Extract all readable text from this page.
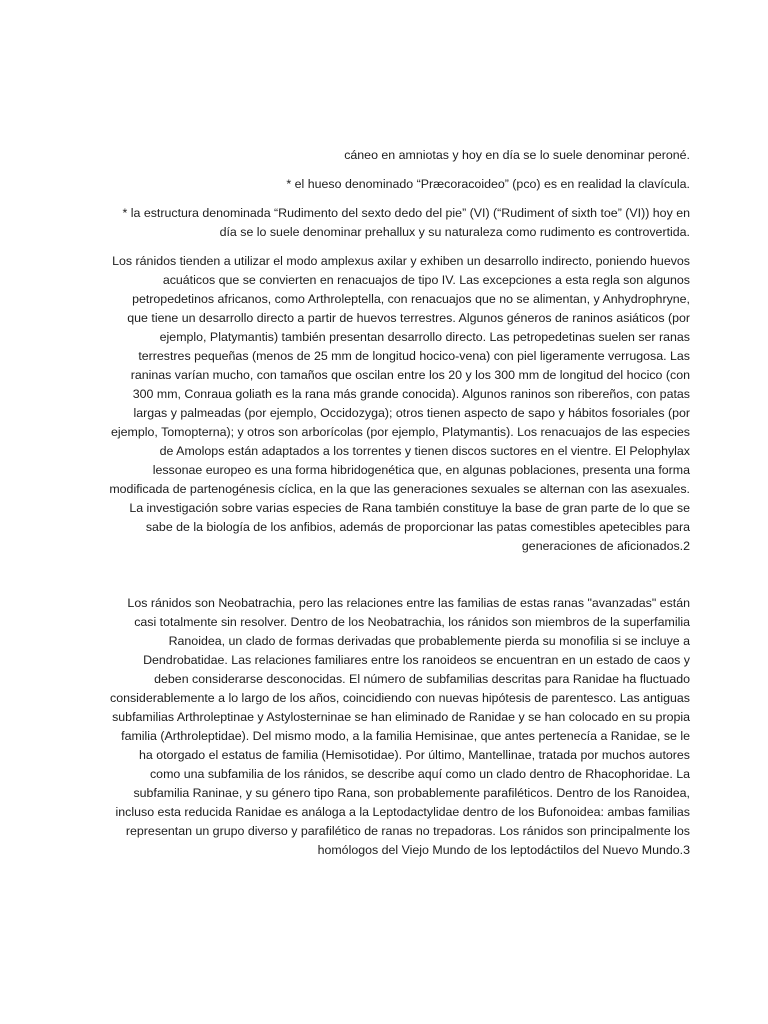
cáneo en amniotas y hoy en día se lo suele denominar peroné.

* el hueso denominado “Præcoracoideo” (pco) es en realidad la clavícula.

* la estructura denominada “Rudimento del sexto dedo del pie” (VI) (“Rudiment of sixth toe” (VI)) hoy en día se lo suele denominar prehallux y su naturaleza como rudimento es controvertida.

Los ránidos tienden a utilizar el modo amplexus axilar y exhiben un desarrollo indirecto, poniendo huevos acuáticos que se convierten en renacuajos de tipo IV. Las excepciones a esta regla son algunos petropedetinos africanos, como Arthroleptella, con renacuajos que no se alimentan, y Anhydrophryne, que tiene un desarrollo directo a partir de huevos terrestres. Algunos géneros de raninos asiáticos (por ejemplo, Platymantis) también presentan desarrollo directo. Las petropedetinas suelen ser ranas terrestres pequeñas (menos de 25 mm de longitud hocico-vena) con piel ligeramente verrugosa. Las raninas varían mucho, con tamaños que oscilan entre los 20 y los 300 mm de longitud del hocico (con 300 mm, Conraua goliath es la rana más grande conocida). Algunos raninos son ribereños, con patas largas y palmeadas (por ejemplo, Occidozyga); otros tienen aspecto de sapo y hábitos fosoriales (por ejemplo, Tomopterna); y otros son arborícolas (por ejemplo, Platymantis). Los renacuajos de las especies de Amolops están adaptados a los torrentes y tienen discos suctores en el vientre. El Pelophylax lessonae europeo es una forma hibridogenética que, en algunas poblaciones, presenta una forma modificada de partenogénesis cíclica, en la que las generaciones sexuales se alternan con las asexuales. La investigación sobre varias especies de Rana también constituye la base de gran parte de lo que se sabe de la biología de los anfibios, además de proporcionar las patas comestibles apetecibles para generaciones de aficionados.2

Los ránidos son Neobatrachia, pero las relaciones entre las familias de estas ranas "avanzadas" están casi totalmente sin resolver. Dentro de los Neobatrachia, los ránidos son miembros de la superfamilia Ranoidea, un clado de formas derivadas que probablemente pierda su monofilia si se incluye a Dendrobatidae. Las relaciones familiares entre los ranoideos se encuentran en un estado de caos y deben considerarse desconocidas. El número de subfamilias descritas para Ranidae ha fluctuado considerablemente a lo largo de los años, coincidiendo con nuevas hipótesis de parentesco. Las antiguas subfamilias Arthroleptinae y Astylosterninae se han eliminado de Ranidae y se han colocado en su propia familia (Arthroleptidae). Del mismo modo, a la familia Hemisinae, que antes pertenecía a Ranidae, se le ha otorgado el estatus de familia (Hemisotidae). Por último, Mantellinae, tratada por muchos autores como una subfamilia de los ránidos, se describe aquí como un clado dentro de Rhacophoridae. La subfamilia Raninae, y su género tipo Rana, son probablemente parafiléticos. Dentro de los Ranoidea, incluso esta reducida Ranidae es análoga a la Leptodactylidae dentro de los Bufonoidea: ambas familias representan un grupo diverso y parafilético de ranas no trepadoras. Los ránidos son principalmente los homólogos del Viejo Mundo de los leptodáctilos del Nuevo Mundo.3
